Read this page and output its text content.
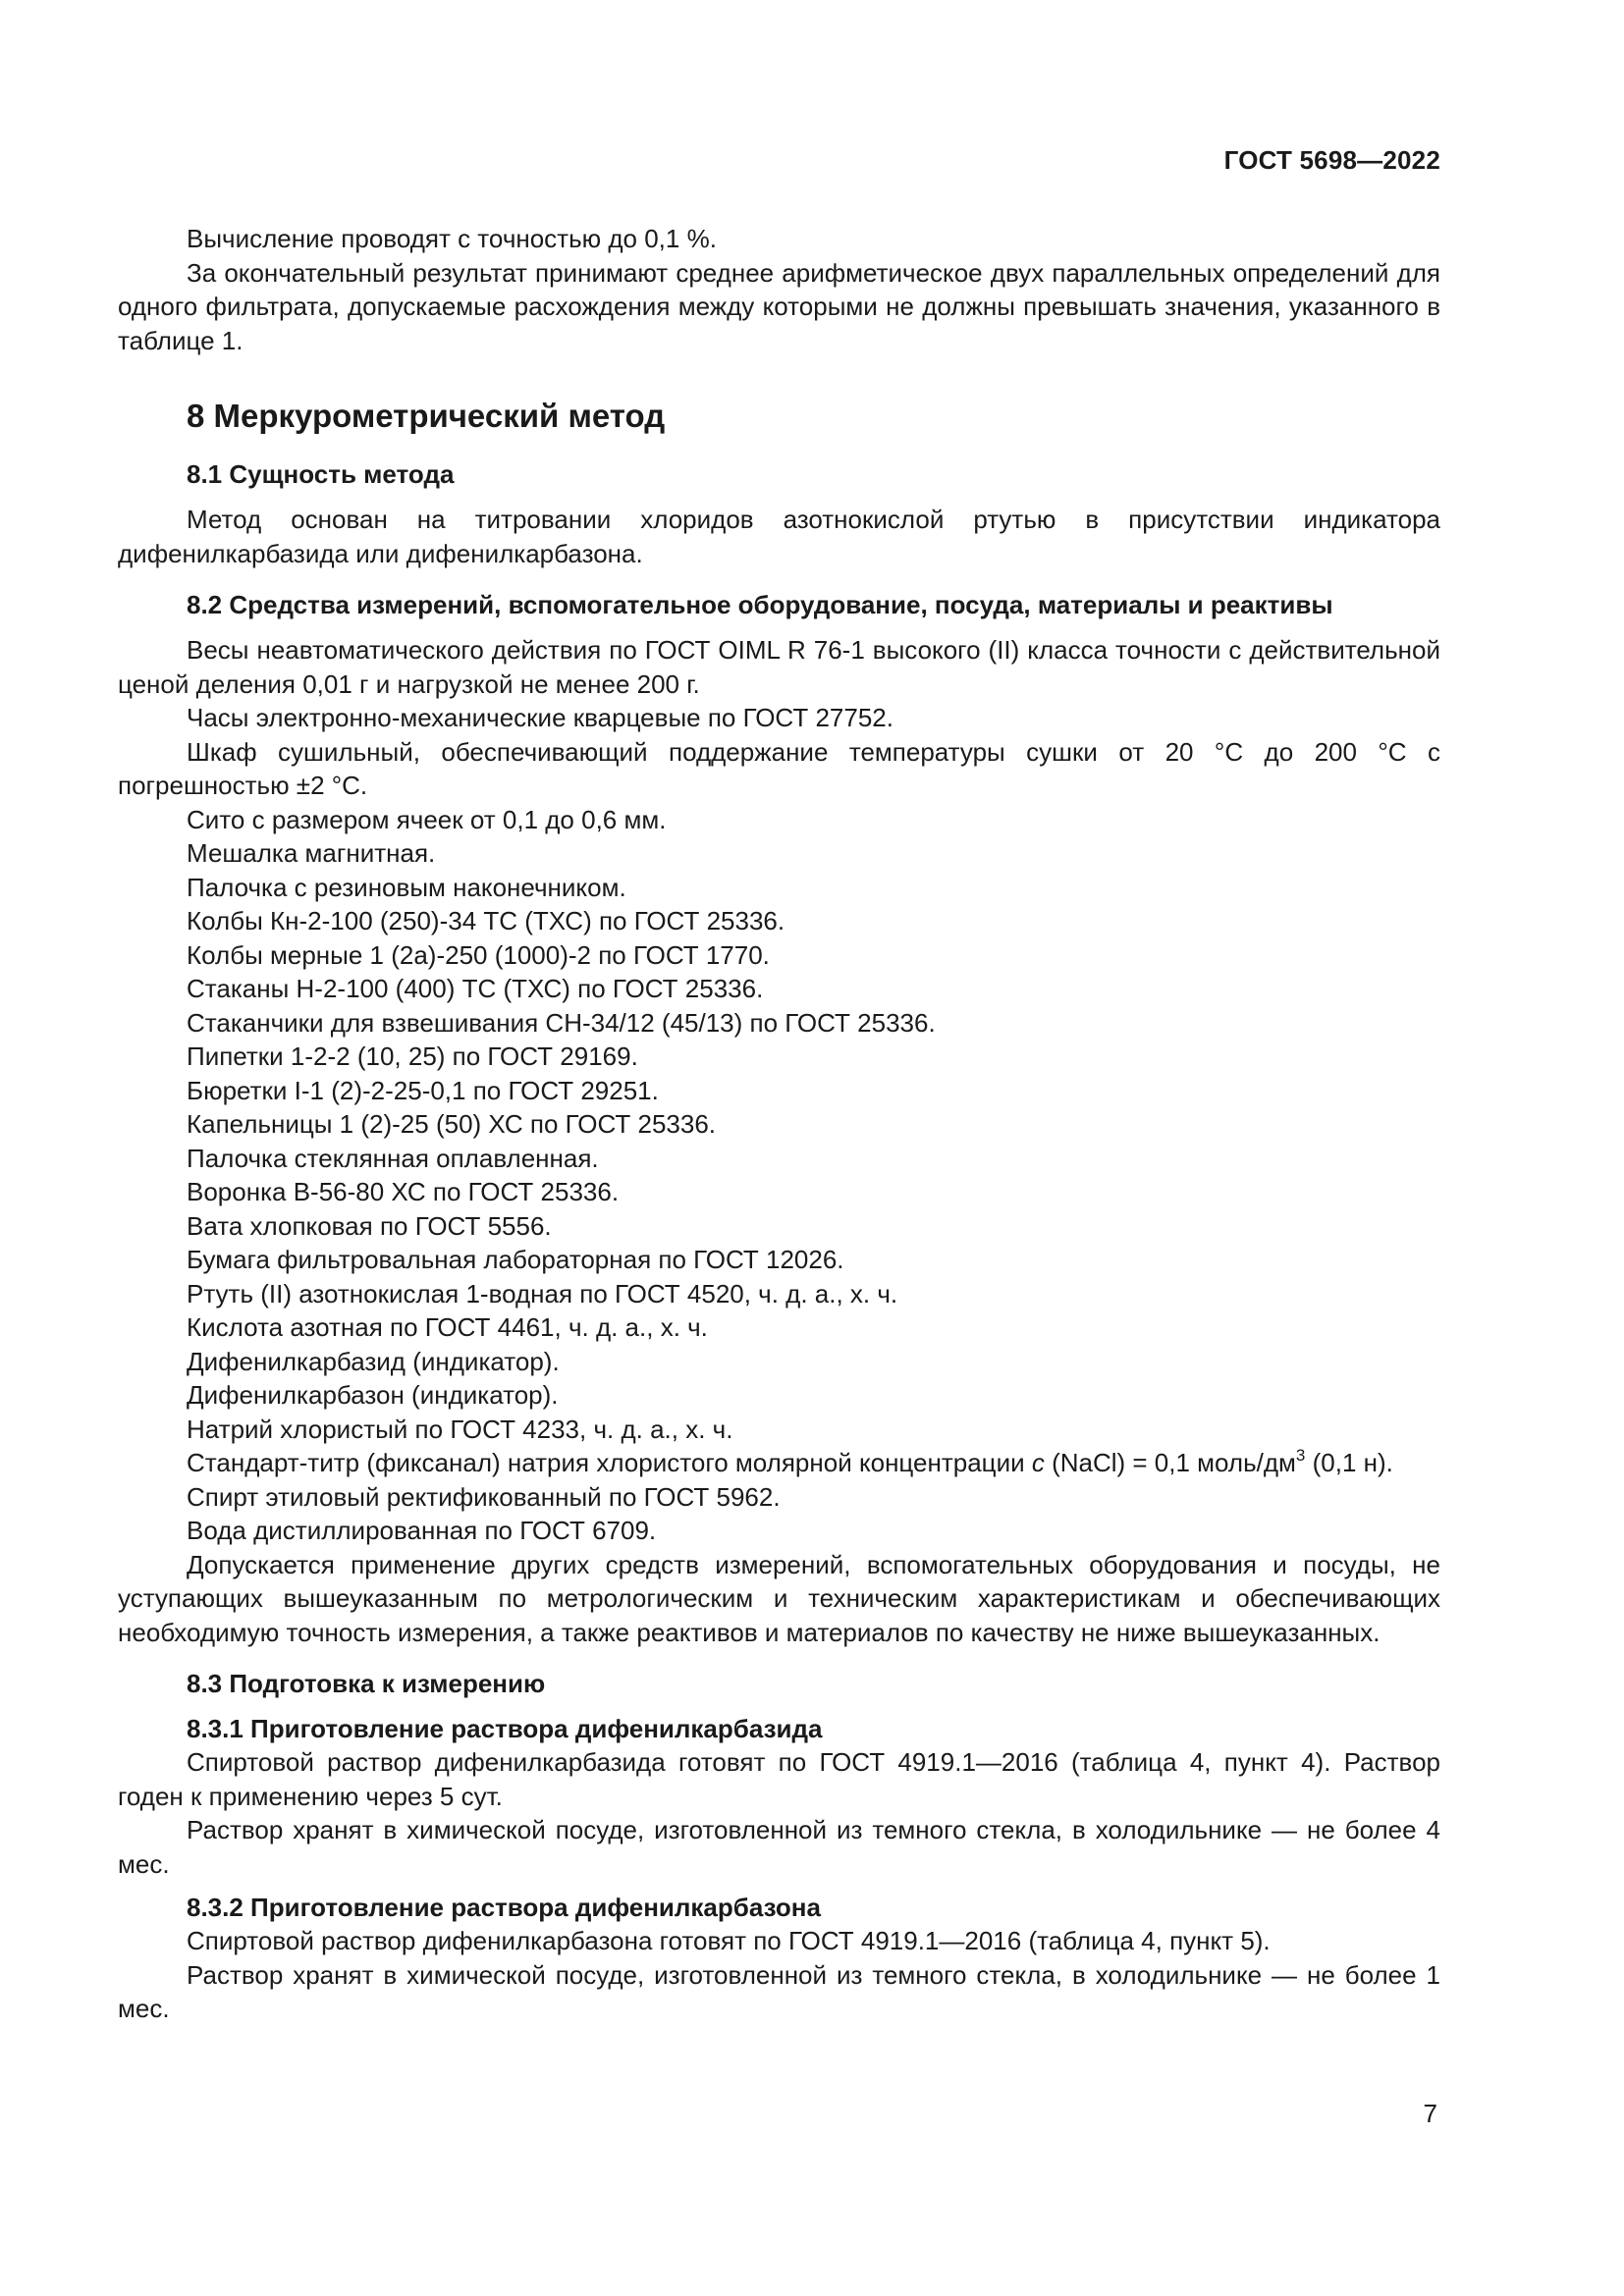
ГОСТ 5698—2022

Вычисление проводят с точностью до 0,1 %.

За окончательный результат принимают среднее арифметическое двух параллельных определений для одного фильтрата, допускаемые расхождения между которыми не должны превышать значения, указанного в таблице 1.

8 Меркурометрический метод
8.1 Сущность метода

Метод основан на титровании хлоридов азотнокислой ртутью в присутствии индикатора дифенилкарбазида или дифенилкарбазона.

8.2 Средства измерений, вспомогательное оборудование, посуда, материалы и реактивы

Весы неавтоматического действия по ГОСТ OIML R 76-1 высокого (II) класса точности с действительной ценой деления 0,01 г и нагрузкой не менее 200 г.

Часы электронно-механические кварцевые по ГОСТ 27752.

Шкаф сушильный, обеспечивающий поддержание температуры сушки от 20 °С до 200 °С с погрешностью ±2 °С.

Сито с размером ячеек от 0,1 до 0,6 мм.

Мешалка магнитная.

Палочка с резиновым наконечником.

Колбы Кн-2-100 (250)-34 ТС (ТХС) по ГОСТ 25336.

Колбы мерные 1 (2а)-250 (1000)-2 по ГОСТ 1770.

Стаканы Н-2-100 (400) ТС (ТХС) по ГОСТ 25336.

Стаканчики для взвешивания СН-34/12 (45/13) по ГОСТ 25336.

Пипетки 1-2-2 (10, 25) по ГОСТ 29169.

Бюретки I-1 (2)-2-25-0,1 по ГОСТ 29251.

Капельницы 1 (2)-25 (50) ХС по ГОСТ 25336.

Палочка стеклянная оплавленная.

Воронка В-56-80 ХС по ГОСТ 25336.

Вата хлопковая по ГОСТ 5556.

Бумага фильтровальная лабораторная по ГОСТ 12026.

Ртуть (II) азотнокислая 1-водная по ГОСТ 4520, ч. д. а., х. ч.

Кислота азотная по ГОСТ 4461, ч. д. а., х. ч.

Дифенилкарбазид (индикатор).

Дифенилкарбазон (индикатор).

Натрий хлористый по ГОСТ 4233, ч. д. а., х. ч.

Стандарт-титр (фиксанал) натрия хлористого молярной концентрации c (NaCl) = 0,1 моль/$дм^3$ (0,1 н).

Спирт этиловый ректификованный по ГОСТ 5962.

Вода дистиллированная по ГОСТ 6709.

Допускается применение других средств измерений, вспомогательных оборудования и посуды, не уступающих вышеуказанным по метрологическим и техническим характеристикам и обеспечивающих необходимую точность измерения, а также реактивов и материалов по качеству не ниже вышеуказанных.

8.3 Подготовка к измерению
8.3.1 Приготовление раствора дифенилкарбазида

Спиртовой раствор дифенилкарбазида готовят по ГОСТ 4919.1—2016 (таблица 4, пункт 4). Раствор годен к применению через 5 сут.

Раствор хранят в химической посуде, изготовленной из темного стекла, в холодильнике — не более 4 мес.

8.3.2 Приготовление раствора дифенилкарбазона

Спиртовой раствор дифенилкарбазона готовят по ГОСТ 4919.1—2016 (таблица 4, пункт 5).

Раствор хранят в химической посуде, изготовленной из темного стекла, в холодильнике — не более 1 мес.

7
